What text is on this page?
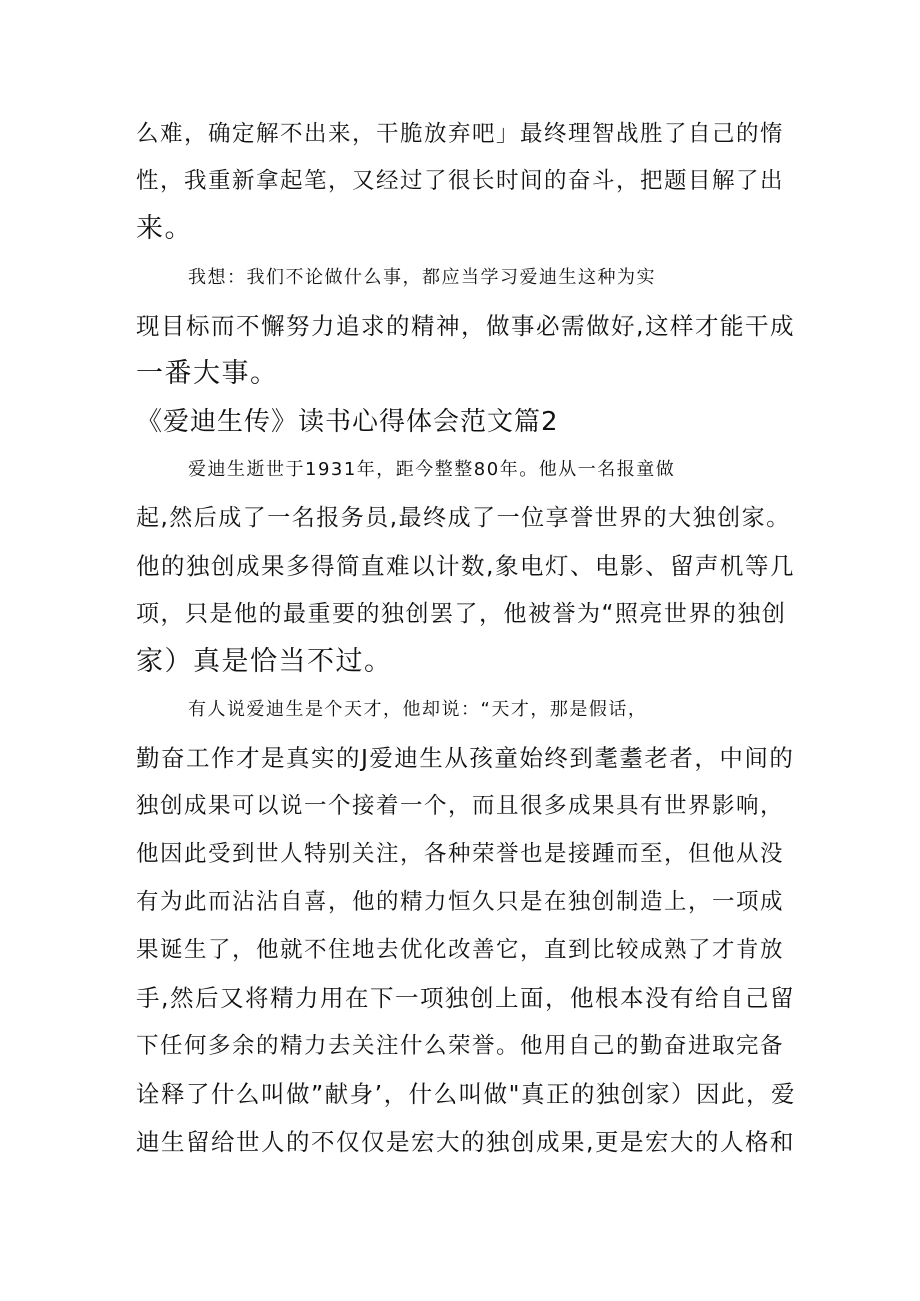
么难，确定解不出来，干脆放弃吧」最终理智战胜了自己的惰
性，我重新拿起笔，又经过了很长时间的奋斗，把题目解了出
来。
我想：我们不论做什么事，都应当学习爱迪生这种为实
现目标而不懈努力追求的精神，做事必需做好,这样才能干成
一番大事。
《爱迪生传》读书心得体会范文篇2
爱迪生逝世于1931年，距今整整80年。他从一名报童做
起,然后成了一名报务员,最终成了一位享誉世界的大独创家。
他的独创成果多得简直难以计数,象电灯、电影、留声机等几
项，只是他的最重要的独创罢了，他被誉为“照亮世界的独创
家）真是恰当不过。
有人说爱迪生是个天才，他却说：“天才，那是假话，
勤奋工作才是真实的J爱迪生从孩童始终到耄耋老者，中间的
独创成果可以说一个接着一个，而且很多成果具有世界影响，
他因此受到世人特别关注，各种荣誉也是接踵而至，但他从没
有为此而沾沾自喜，他的精力恒久只是在独创制造上，一项成
果诞生了，他就不住地去优化改善它，直到比较成熟了才肯放
手,然后又将精力用在下一项独创上面，他根本没有给自己留
下任何多余的精力去关注什么荣誉。他用自己的勤奋进取完备
诠释了什么叫做”献身’，什么叫做"真正的独创家）因此，爱
迪生留给世人的不仅仅是宏大的独创成果,更是宏大的人格和
